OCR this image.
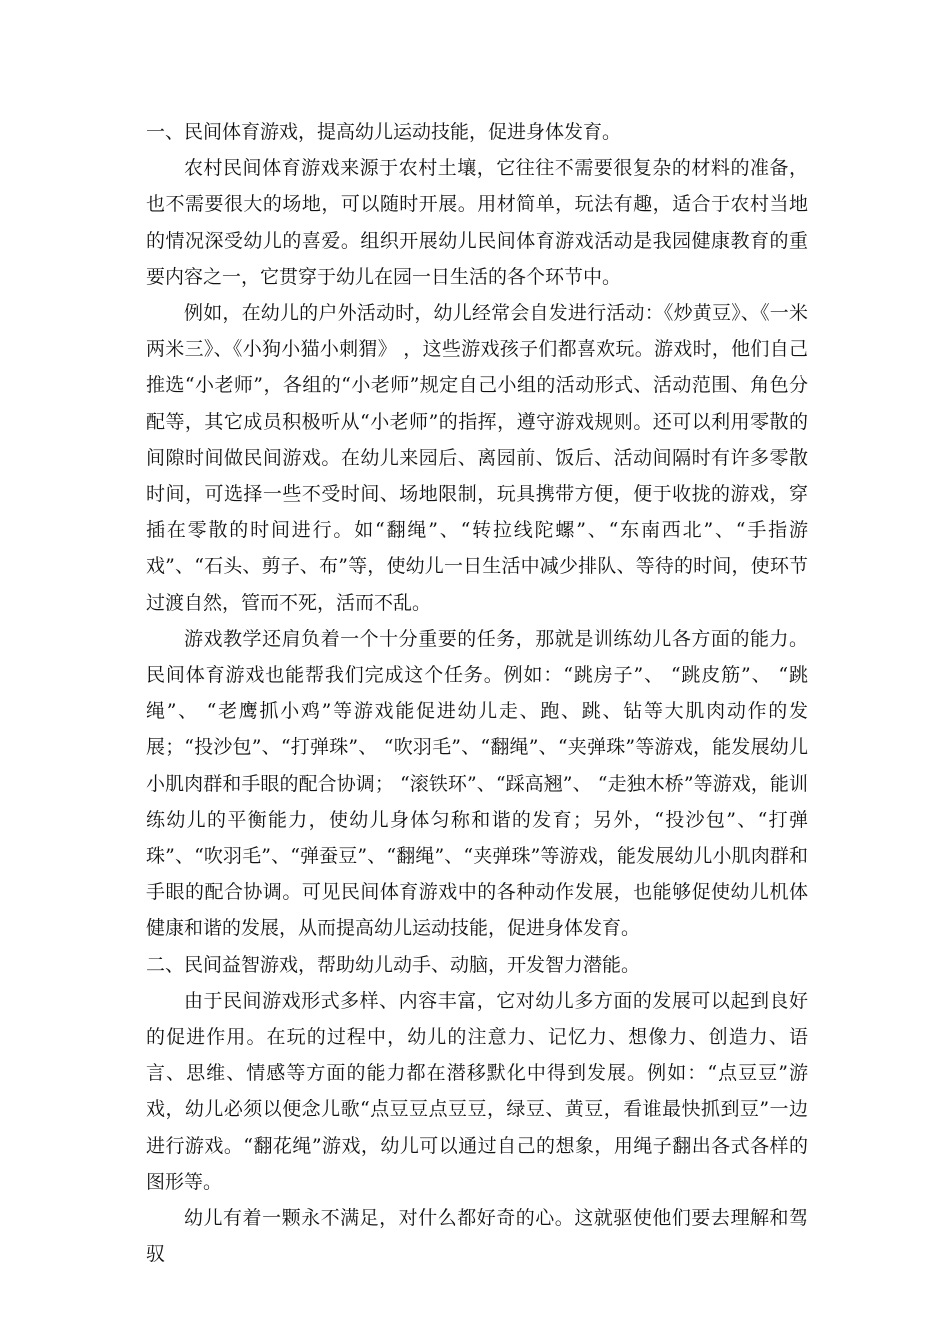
一、民间体育游戏，提高幼儿运动技能，促进身体发育。

农村民间体育游戏来源于农村土壤，它往往不需要很复杂的材料的准备，也不需要很大的场地，可以随时开展。用材简单，玩法有趣，适合于农村当地的情况深受幼儿的喜爱。组织开展幼儿民间体育游戏活动是我园健康教育的重要内容之一，它贯穿于幼儿在园一日生活的各个环节中。

例如，在幼儿的户外活动时，幼儿经常会自发进行活动：《炒黄豆》、《一米两米三》、《小狗小猫小刺猬》 ，这些游戏孩子们都喜欢玩。游戏时，他们自己推选“小老师”，各组的“小老师”规定自己小组的活动形式、活动范围、角色分配等，其它成员积极听从“小老师”的指挥，遵守游戏规则。还可以利用零散的间隙时间做民间游戏。在幼儿来园后、离园前、饭后、活动间隔时有许多零散时间，可选择一些不受时间、场地限制，玩具携带方便，便于收拢的游戏，穿插在零散的时间进行。如“翻绳”、“转拉线陀螺”、“东南西北”、“手指游戏”、“石头、剪子、布”等，使幼儿一日生活中减少排队、等待的时间，使环节过渡自然，管而不死，活而不乱。

游戏教学还肩负着一个十分重要的任务，那就是训练幼儿各方面的能力。民间体育游戏也能帮我们完成这个任务。例如：“跳房子”、 “跳皮筋”、 “跳绳”、 “老鹰抓小鸡”等游戏能促进幼儿走、跑、跳、钻等大肌肉动作的发展；“投沙包”、“打弹珠”、 “吹羽毛”、“翻绳”、“夹弹珠”等游戏，能发展幼儿小肌肉群和手眼的配合协调； “滚铁环”、“踩高翘”、 “走独木桥”等游戏，能训练幼儿的平衡能力，使幼儿身体匀称和谐的发育；另外，“投沙包”、“打弹珠”、“吹羽毛”、“弹蚕豆”、“翻绳”、“夹弹珠”等游戏，能发展幼儿小肌肉群和手眼的配合协调。可见民间体育游戏中的各种动作发展，也能够促使幼儿机体健康和谐的发展，从而提高幼儿运动技能，促进身体发育。

二、民间益智游戏，帮助幼儿动手、动脑，开发智力潜能。

由于民间游戏形式多样、内容丰富，它对幼儿多方面的发展可以起到良好的促进作用。在玩的过程中，幼儿的注意力、记忆力、想像力、创造力、语言、思维、情感等方面的能力都在潜移默化中得到发展。例如：“点豆豆”游戏，幼儿必须以便念儿歌“点豆豆点豆豆，绿豆、黄豆，看谁最快抓到豆”一边进行游戏。“翻花绳”游戏，幼儿可以通过自己的想象，用绳子翻出各式各样的图形等。

幼儿有着一颗永不满足，对什么都好奇的心。这就驱使他们要去理解和驾驭
